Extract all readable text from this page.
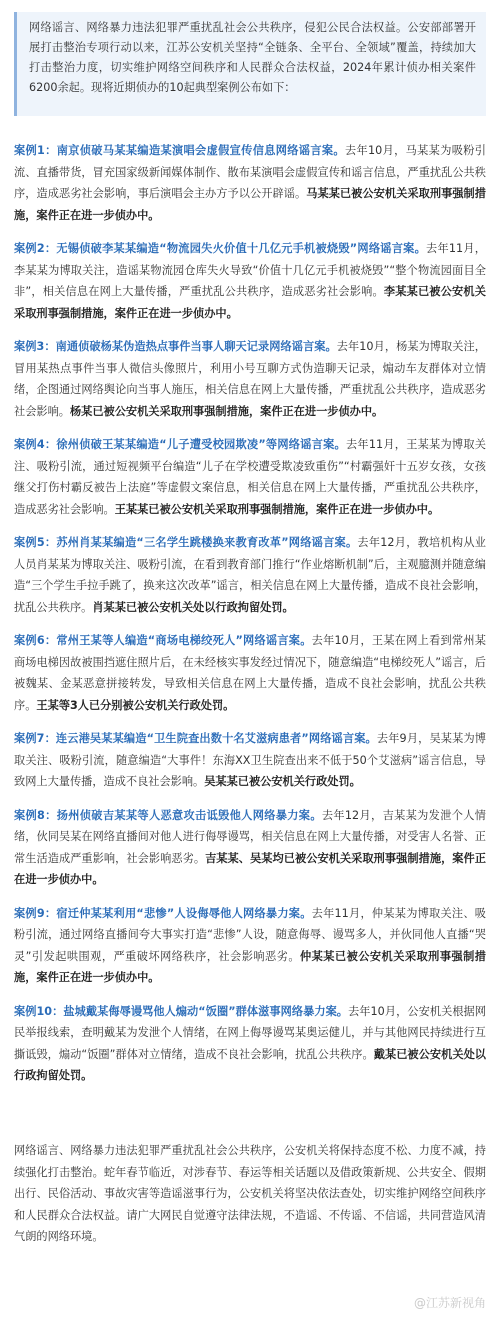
网络谣言、网络暴力违法犯罪严重扰乱社会公共秩序，侵犯公民合法权益。公安部部署开展打击整治专项行动以来，江苏公安机关坚持“全链条、全平台、全领域”覆盖，持续加大打击整治力度，切实维护网络空间秩序和人民群众合法权益，2024年累计侦办相关案件6200余起。现将近期侦办的10起典型案例公布如下：

案例1：南京侦破马某某编造某演唱会虚假宣传信息网络谣言案。去年10月，马某某为吸粉引流、直播带货，冒充国家级新闻媒体制作、散布某演唱会虚假宣传和谣言信息，严重扰乱公共秩序，造成恶劣社会影响，事后演唱会主办方予以公开辟谣。马某某已被公安机关采取刑事强制措施，案件正在进一步侦办中。

案例2：无锡侦破李某某编造“物流园失火价值十几亿元手机被烧毁”网络谣言案。去年11月，李某某为博取关注，造谣某物流园仓库失火导致“价值十几亿元手机被烧毁”“整个物流园面目全非”，相关信息在网上大量传播，严重扰乱公共秩序，造成恶劣社会影响。李某某已被公安机关采取刑事强制措施，案件正在进一步侦办中。

案例3：南通侦破杨某伪造热点事件当事人聊天记录网络谣言案。去年10月，杨某为博取关注，冒用某热点事件当事人微信头像照片，利用小号互聊方式伪造聊天记录，煽动车友群体对立情绪，企图通过网络舆论向当事人施压，相关信息在网上大量传播，严重扰乱公共秩序，造成恶劣社会影响。杨某已被公安机关采取刑事强制措施，案件正在进一步侦办中。

案例4：徐州侦破王某某编造“儿子遭受校园欺凌”等网络谣言案。去年11月，王某某为博取关注、吸粉引流，通过短视频平台编造“儿子在学校遭受欺凌致重伤”“村霸强奸十五岁女孩，女孩继父打伤村霸反被告上法庭”等虚假文案信息，相关信息在网上大量传播，严重扰乱公共秩序，造成恶劣社会影响。王某某已被公安机关采取刑事强制措施，案件正在进一步侦办中。

案例5：苏州肖某某编造“三名学生跳楼换来教育改革”网络谣言案。去年12月，教培机构从业人员肖某某为博取关注、吸粉引流，在看到教育部门推行“作业熔断机制”后，主观臆测并随意编造“三个学生手拉手跳了，换来这次改革”谣言，相关信息在网上大量传播，造成不良社会影响，扰乱公共秩序。肖某某已被公安机关处以行政拘留处罚。

案例6：常州王某等人编造“商场电梯绞死人”网络谣言案。去年10月，王某在网上看到常州某商场电梯因故被围挡遮住照片后，在未经核实事发经过情况下，随意编造“电梯绞死人”谣言，后被魏某、金某恶意拼接转发，导致相关信息在网上大量传播，造成不良社会影响，扰乱公共秩序。王某等3人已分别被公安机关行政处罚。

案例7：连云港吴某某编造“卫生院查出数十名艾滋病患者”网络谣言案。去年9月，吴某某为博取关注、吸粉引流，随意编造“大事件！东海XX卫生院查出来不低于50个艾滋病”谣言信息，导致网上大量传播，造成不良社会影响。吴某某已被公安机关行政处罚。

案例8：扬州侦破吉某某等人恶意攻击诋毁他人网络暴力案。去年12月，吉某某为发泄个人情绪，伙同吴某在网络直播间对他人进行侮辱谩骂，相关信息在网上大量传播，对受害人名誉、正常生活造成严重影响，社会影响恶劣。吉某某、吴某均已被公安机关采取刑事强制措施，案件正在进一步侦办中。

案例9：宿迁仲某某利用“悲惨”人设侮辱他人网络暴力案。去年11月，仲某某为博取关注、吸粉引流，通过网络直播间夸大事实打造“悲惨”人设，随意侮辱、谩骂多人，并伙同他人直播“哭灵”引发起哄围观，严重破坏网络秩序，社会影响恶劣。仲某某已被公安机关采取刑事强制措施，案件正在进一步侦办中。

案例10：盐城戴某侮辱谩骂他人煽动“饭圈”群体滋事网络暴力案。去年10月，公安机关根据网民举报线索，查明戴某为发泄个人情绪，在网上侮辱谩骂某奥运健儿，并与其他网民持续进行互撕诋毁，煽动“饭圈”群体对立情绪，造成不良社会影响，扰乱公共秩序。戴某已被公安机关处以行政拘留处罚。

网络谣言、网络暴力违法犯罪严重扰乱社会公共秩序，公安机关将保持态度不松、力度不减，持续强化打击整治。蛇年春节临近，对涉春节、春运等相关话题以及借政策新规、公共安全、假期出行、民俗活动、事故灾害等造谣滋事行为，公安机关将坚决依法查处，切实维护网络空间秩序和人民群众合法权益。请广大网民自觉遵守法律法规，不造谣、不传谣、不信谣，共同营造风清气朗的网络环境。
@江苏新视角
